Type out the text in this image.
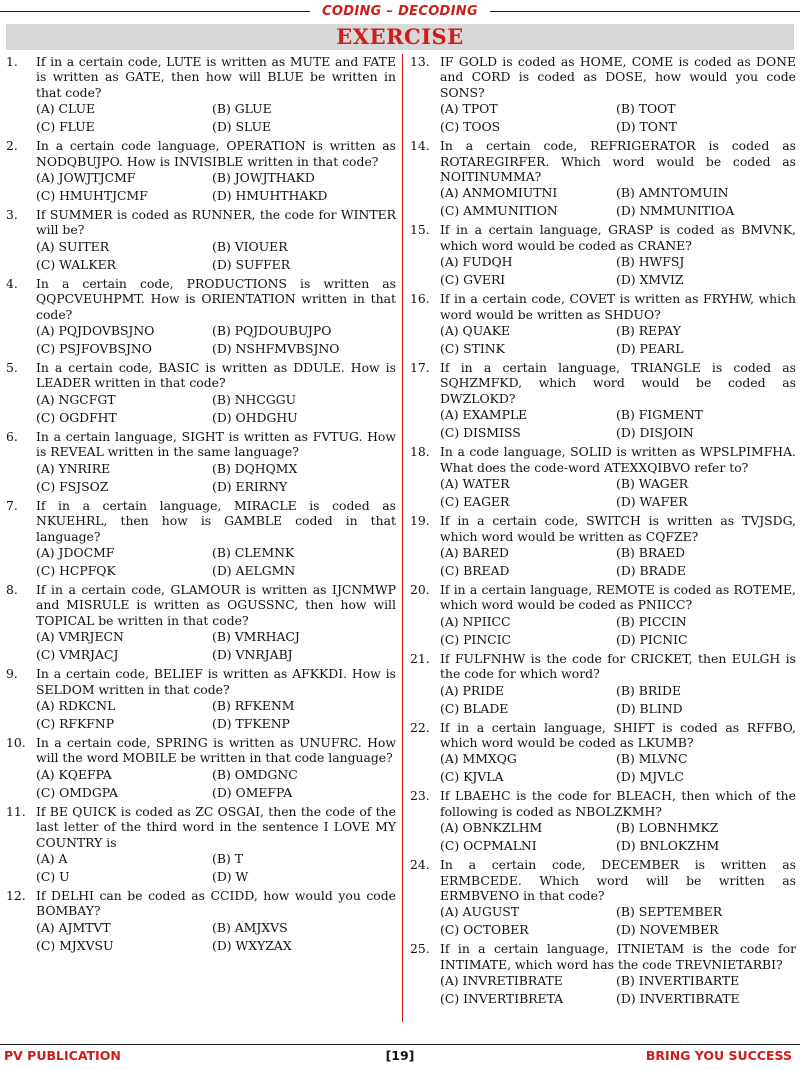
CODING – DECODING
EXERCISE
1.	If in a certain code, LUTE is written as MUTE and FATE is written as GATE, then how will BLUE be written in that code?
(A) CLUE	(B) GLUE
(C) FLUE	(D) SLUE
2.	In a certain code language, OPERATION is written as NODQBUJPO. How is INVISIBLE written in that code?
(A) JOWJTJCMF	(B) JOWJTHAKD
(C) HMUHTJCMF	(D) HMUHTHAKD
3.	If SUMMER is coded as RUNNER, the code for WINTER will be?
(A) SUITER	(B) VIOUER
(C) WALKER	(D) SUFFER
4.	In a certain code, PRODUCTIONS is written as QQPCVEUHPMT. How is ORIENTATION written in that code?
(A) PQJDOVBSJNO	(B) PQJDOUBUJPO
(C) PSJFOVBSJNO	(D) NSHFMVBSJNO
5.	In a certain code, BASIC is written as DDULE. How is LEADER written in that code?
(A) NGCFGT	(B) NHCGGU
(C) OGDFHT	(D) OHDGHU
6.	In a certain language, SIGHT is written as FVTUG. How is REVEAL written in the same language?
(A) YNRIRE	(B) DQHQMX
(C) FSJSOZ	(D) ERIRNY
7.	If in a certain language, MIRACLE is coded as NKUEHRL, then how is GAMBLE coded in that language?
(A) JDOCMF	(B) CLEMNK
(C) HCPFQK	(D) AELGMN
8.	If in a certain code, GLAMOUR is written as IJCNMWP and MISRULE is written as OGUSSNC, then how will TOPICAL be written in that code?
(A) VMRJECN	(B) VMRHACJ
(C) VMRJACJ	(D) VNRJABJ
9.	In a certain code, BELIEF is written as AFKKDI. How is SELDOM written in that code?
(A) RDKCNL	(B) RFKENM
(C) RFKFNP	(D) TFKENP
10. In a certain code, SPRING is written as UNUFRC. How will the word MOBILE be written in that code language?
(A) KQEFPA	(B) OMDGNC
(C) OMDGPA	(D) OMEFPA
11. If BE QUICK is coded as ZC OSGAI, then the code of the last letter of the third word in the sentence I LOVE MY COUNTRY is
(A) A	(B) T
(C) U	(D) W
12. If DELHI can be coded as CCIDD, how would you code BOMBAY?
(A) AJMTVT	(B) AMJXVS
(C) MJXVSU	(D) WXYZAX
13. IF GOLD is coded as HOME, COME is coded as DONE and CORD is coded as DOSE, how would you code SONS?
(A) TPOT	(B) TOOT
(C) TOOS	(D) TONT
14. In a certain code, REFRIGERATOR is coded as ROTAREGIRFER. Which word would be coded as NOITINUMMA?
(A) ANMOMIUTNI	(B) AMNTOMUIN
(C) AMMUNITION	(D) NMMUNITIOA
15. If in a certain language, GRASP is coded as BMVNK, which word would be coded as CRANE?
(A) FUDQH	(B) HWFSJ
(C) GVERI	(D) XMVIZ
16. If in a certain code, COVET is written as FRYHW, which word would be written as SHDUO?
(A) QUAKE	(B) REPAY
(C) STINK	(D) PEARL
17. If in a certain language, TRIANGLE is coded as SQHZMFKD, which word would be coded as DWZLOKD?
(A) EXAMPLE	(B) FIGMENT
(C) DISMISS	(D) DISJOIN
18. In a code language, SOLID is written as WPSLPIMFHA. What does the code-word ATEXXQIBVO refer to?
(A) WATER	(B) WAGER
(C) EAGER	(D) WAFER
19. If in a certain code, SWITCH is written as TVJSDG, which word would be written as CQFZE?
(A) BARED	(B) BRAED
(C) BREAD	(D) BRADE
20. If in a certain language, REMOTE is coded as ROTEME, which word would be coded as PNIICC?
(A) NPIICC	(B) PICCIN
(C) PINCIC	(D) PICNIC
21. If FULFNHW is the code for CRICKET, then EULGH is the code for which word?
(A) PRIDE	(B) BRIDE
(C) BLADE	(D) BLIND
22. If in a certain language, SHIFT is coded as RFFBO, which word would be coded as LKUMB?
(A) MMXQG	(B) MLVNC
(C) KJVLA	(D) MJVLC
23. If LBAEHC is the code for BLEACH, then which of the following is coded as NBOLZKMH?
(A) OBNKZLHM	(B) LOBNHMKZ
(C) OCPMALNI	(D) BNLOKZHM
24. In a certain code, DECEMBER is written as ERMBCEDE. Which word will be written as ERMBVENO in that code?
(A) AUGUST	(B) SEPTEMBER
(C) OCTOBER	(D) NOVEMBER
25. If in a certain language, ITNIETAM is the code for INTIMATE, which word has the code TREVNIETARBI?
(A) INVRETIBRATE	(B) INVERTIBARTE
(C) INVERTIBRETA	(D) INVERTIBRATE
PV PUBLICATION	[19]	BRING YOU SUCCESS
